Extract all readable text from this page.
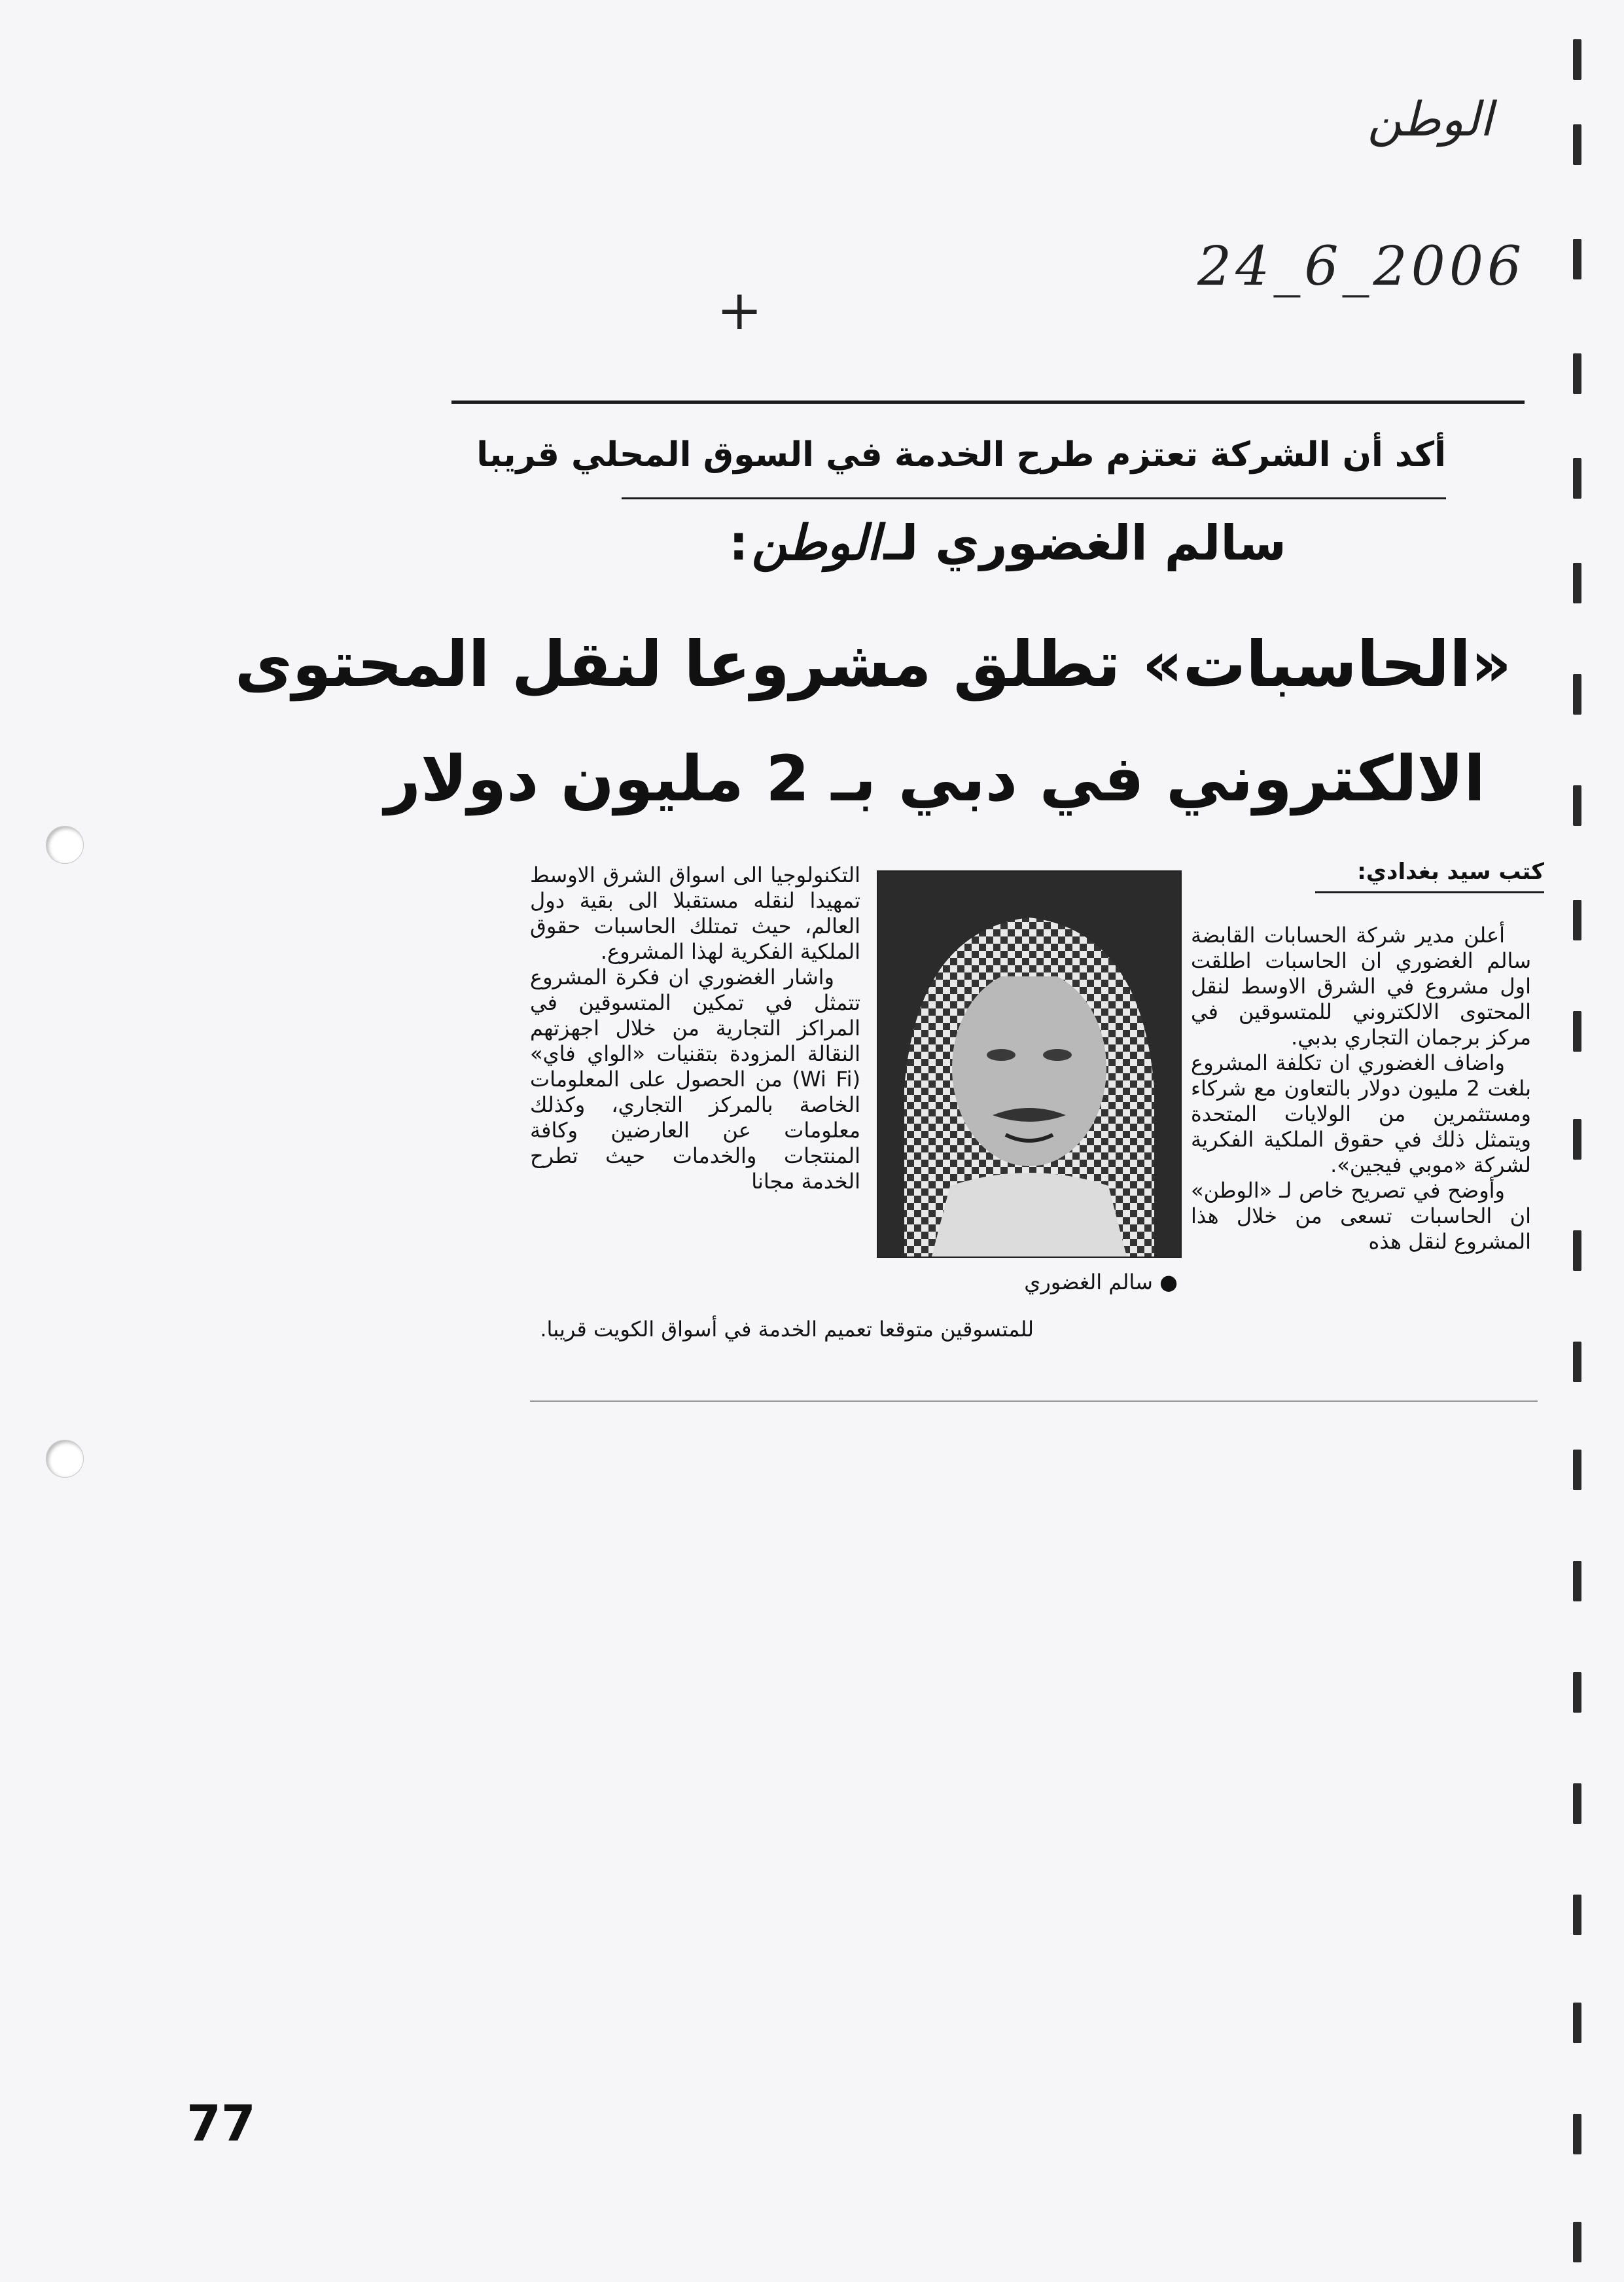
الوطن
24_6_2006
+
أكد أن الشركة تعتزم طرح الخدمة في السوق المحلي قريبا
سالم الغضوري لـ الوطن :
«الحاسبات» تطلق مشروعا لنقل المحتوى
الالكتروني في دبي بـ 2 مليون دولار
كتب سيد بغدادي:

أعلن مدير شركة الحسابات القابضة سالم الغضوري ان الحاسبات اطلقت اول مشروع في الشرق الاوسط لنقل المحتوى الالكتروني للمتسوقين في مركز برجمان التجاري بدبي.

واضاف الغضوري ان تكلفة المشروع بلغت 2 مليون دولار بالتعاون مع شركاء ومستثمرين من الولايات المتحدة ويتمثل ذلك في حقوق الملكية الفكرية لشركة «موبي فيجين».

وأوضح في تصريح خاص لـ «الوطن» ان الحاسبات تسعى من خلال هذا المشروع لنقل هذه

● سالم الغضوري

التكنولوجيا الى اسواق الشرق الاوسط تمهيدا لنقله مستقبلا الى بقية دول العالم، حيث تمتلك الحاسبات حقوق الملكية الفكرية لهذا المشروع.

واشار الغضوري ان فكرة المشروع تتمثل في تمكين المتسوقين في المراكز التجارية من خلال اجهزتهم النقالة المزودة بتقنيات «الواي فاي» (Wi Fi) من الحصول على المعلومات الخاصة بالمركز التجاري، وكذلك معلومات عن العارضين وكافة المنتجات والخدمات حيث تطرح الخدمة مجانا

للمتسوقين متوقعا تعميم الخدمة في أسواق الكويت قريبا.

77
